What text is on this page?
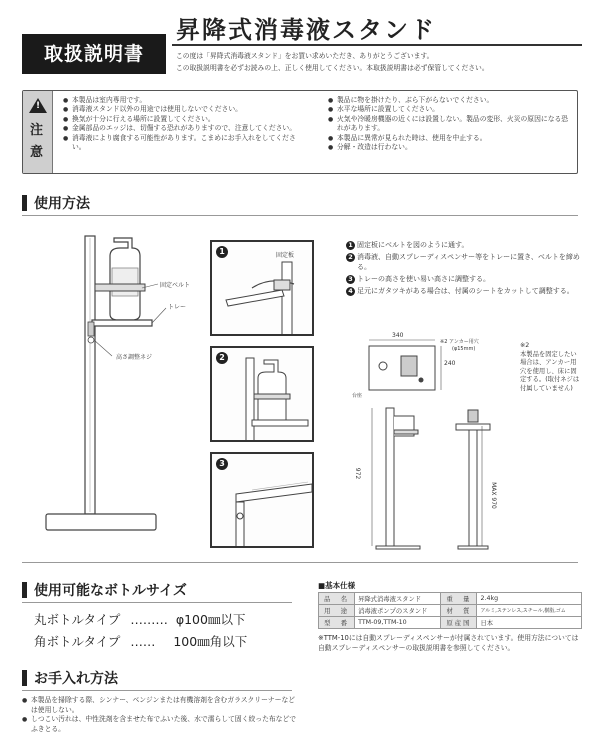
取扱説明書
昇降式消毒液スタンド
この度は「昇降式消毒液スタンド」をお買い求めいただき、ありがとうございます。
この取扱説明書を必ずお読みの上、正しく使用してください。本取扱説明書は必ず保管してください。
!
注
意
● 本製品は室内専用です。
● 消毒液スタンド以外の用途では使用しないでください。
● 換気が十分に行える場所に設置してください。
● 金属部品のエッジは、切傷する恐れがありますので、注意してください。
● 消毒液により腐食する可能性があります。こまめにお手入れをしてください。
● 製品に物を掛けたり、ぶら下がらないでください。
● 水平な場所に設置してください。
● 火気や冷暖房機器の近くには設置しない。製品の変形、火災の原因になる恐れがあります。
● 本製品に異常が見られた時は、使用を中止する。
● 分解・改造は行わない。
使用方法
固定ベルト
トレー
高さ調整ネジ
1	固定板
2
3
1 固定板にベルトを図のように通す。
2 消毒液、自動スプレーディスペンサー等をトレーに置き、ベルトを締める。
3 トレーの高さを使い易い高さに調整する。
4 足元にガタツキがある場合は、付属のシートをカットして調整する。
340
240
※2 アンカー用穴
(φ15mm)
台座
※2
本製品を固定したい場合は、アンカー用穴を使用し、床に固定する。(取付ネジは付属していません)
972
MAX 970
使用可能なボトルサイズ
丸ボトルタイプ ……… φ100㎜以下
角ボトルタイプ …… 100㎜角以下
お手入れ方法
● 本製品を掃除する際、シンナー、ベンジンまたは有機溶剤を含むガラスクリーナーなどは使用しない。
● しつこい汚れは、中性洗剤を含ませた布でふいた後、水で濡らして固く絞った布などでふきとる。
■基本仕様
品　名	昇降式消毒液スタンド	重　量	2.4kg
用　途	消毒液ポンプのスタンド	材　質	アルミ,ステンレス,スチール,樹脂,ゴム
型　番	TTM-09,TTM-10	原産国	日本
※TTM-10には自動スプレーディスペンサーが付属されています。使用方法については自動スプレーディスペンサーの取扱説明書を参照してください。
